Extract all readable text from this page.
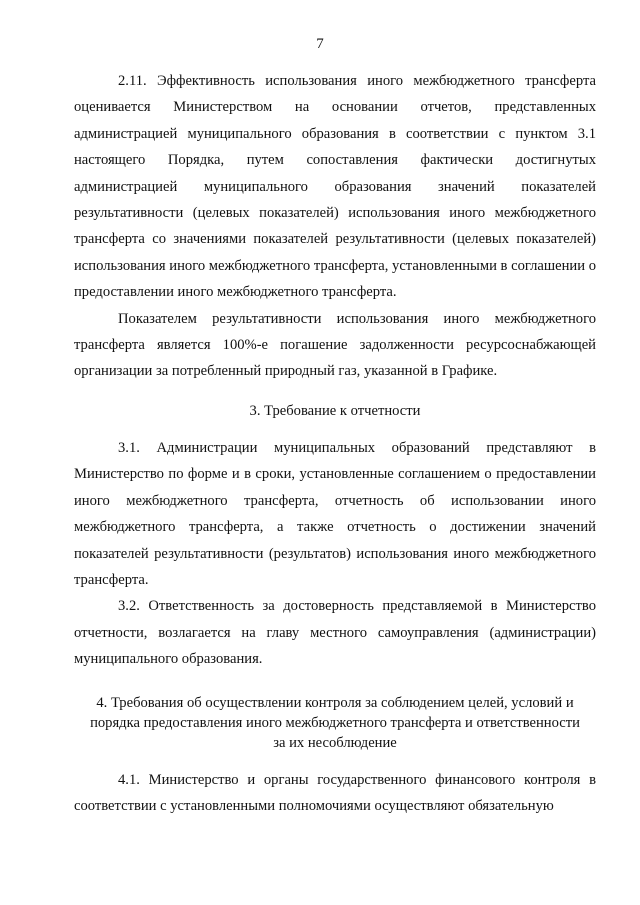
7

2.11. Эффективность использования иного межбюджетного трансферта оценивается Министерством на основании отчетов, представленных администрацией муниципального образования в соответствии с пунктом 3.1 настоящего Порядка, путем сопоставления фактически достигнутых администрацией муниципального образования значений показателей результативности (целевых показателей) использования иного межбюджетного трансферта со значениями показателей результативности (целевых показателей) использования иного межбюджетного трансферта, установленными в соглашении о предоставлении иного межбюджетного трансферта.

Показателем результативности использования иного межбюджетного трансферта является 100%-е погашение задолженности ресурсоснабжающей организации за потребленный природный газ, указанной в Графике.

3. Требование к отчетности

3.1. Администрации муниципальных образований представляют в Министерство по форме и в сроки, установленные соглашением о предоставлении иного межбюджетного трансферта, отчетность об использовании иного межбюджетного трансферта, а также отчетность о достижении значений показателей результативности (результатов) использования иного межбюджетного трансферта.

3.2. Ответственность за достоверность представляемой в Министерство отчетности, возлагается на главу местного самоуправления (администрации) муниципального образования.

4. Требования об осуществлении контроля за соблюдением целей, условий и

порядка предоставления иного межбюджетного трансферта и ответственности

за их несоблюдение

4.1. Министерство и органы государственного финансового контроля в соответствии с установленными полномочиями осуществляют обязательную
